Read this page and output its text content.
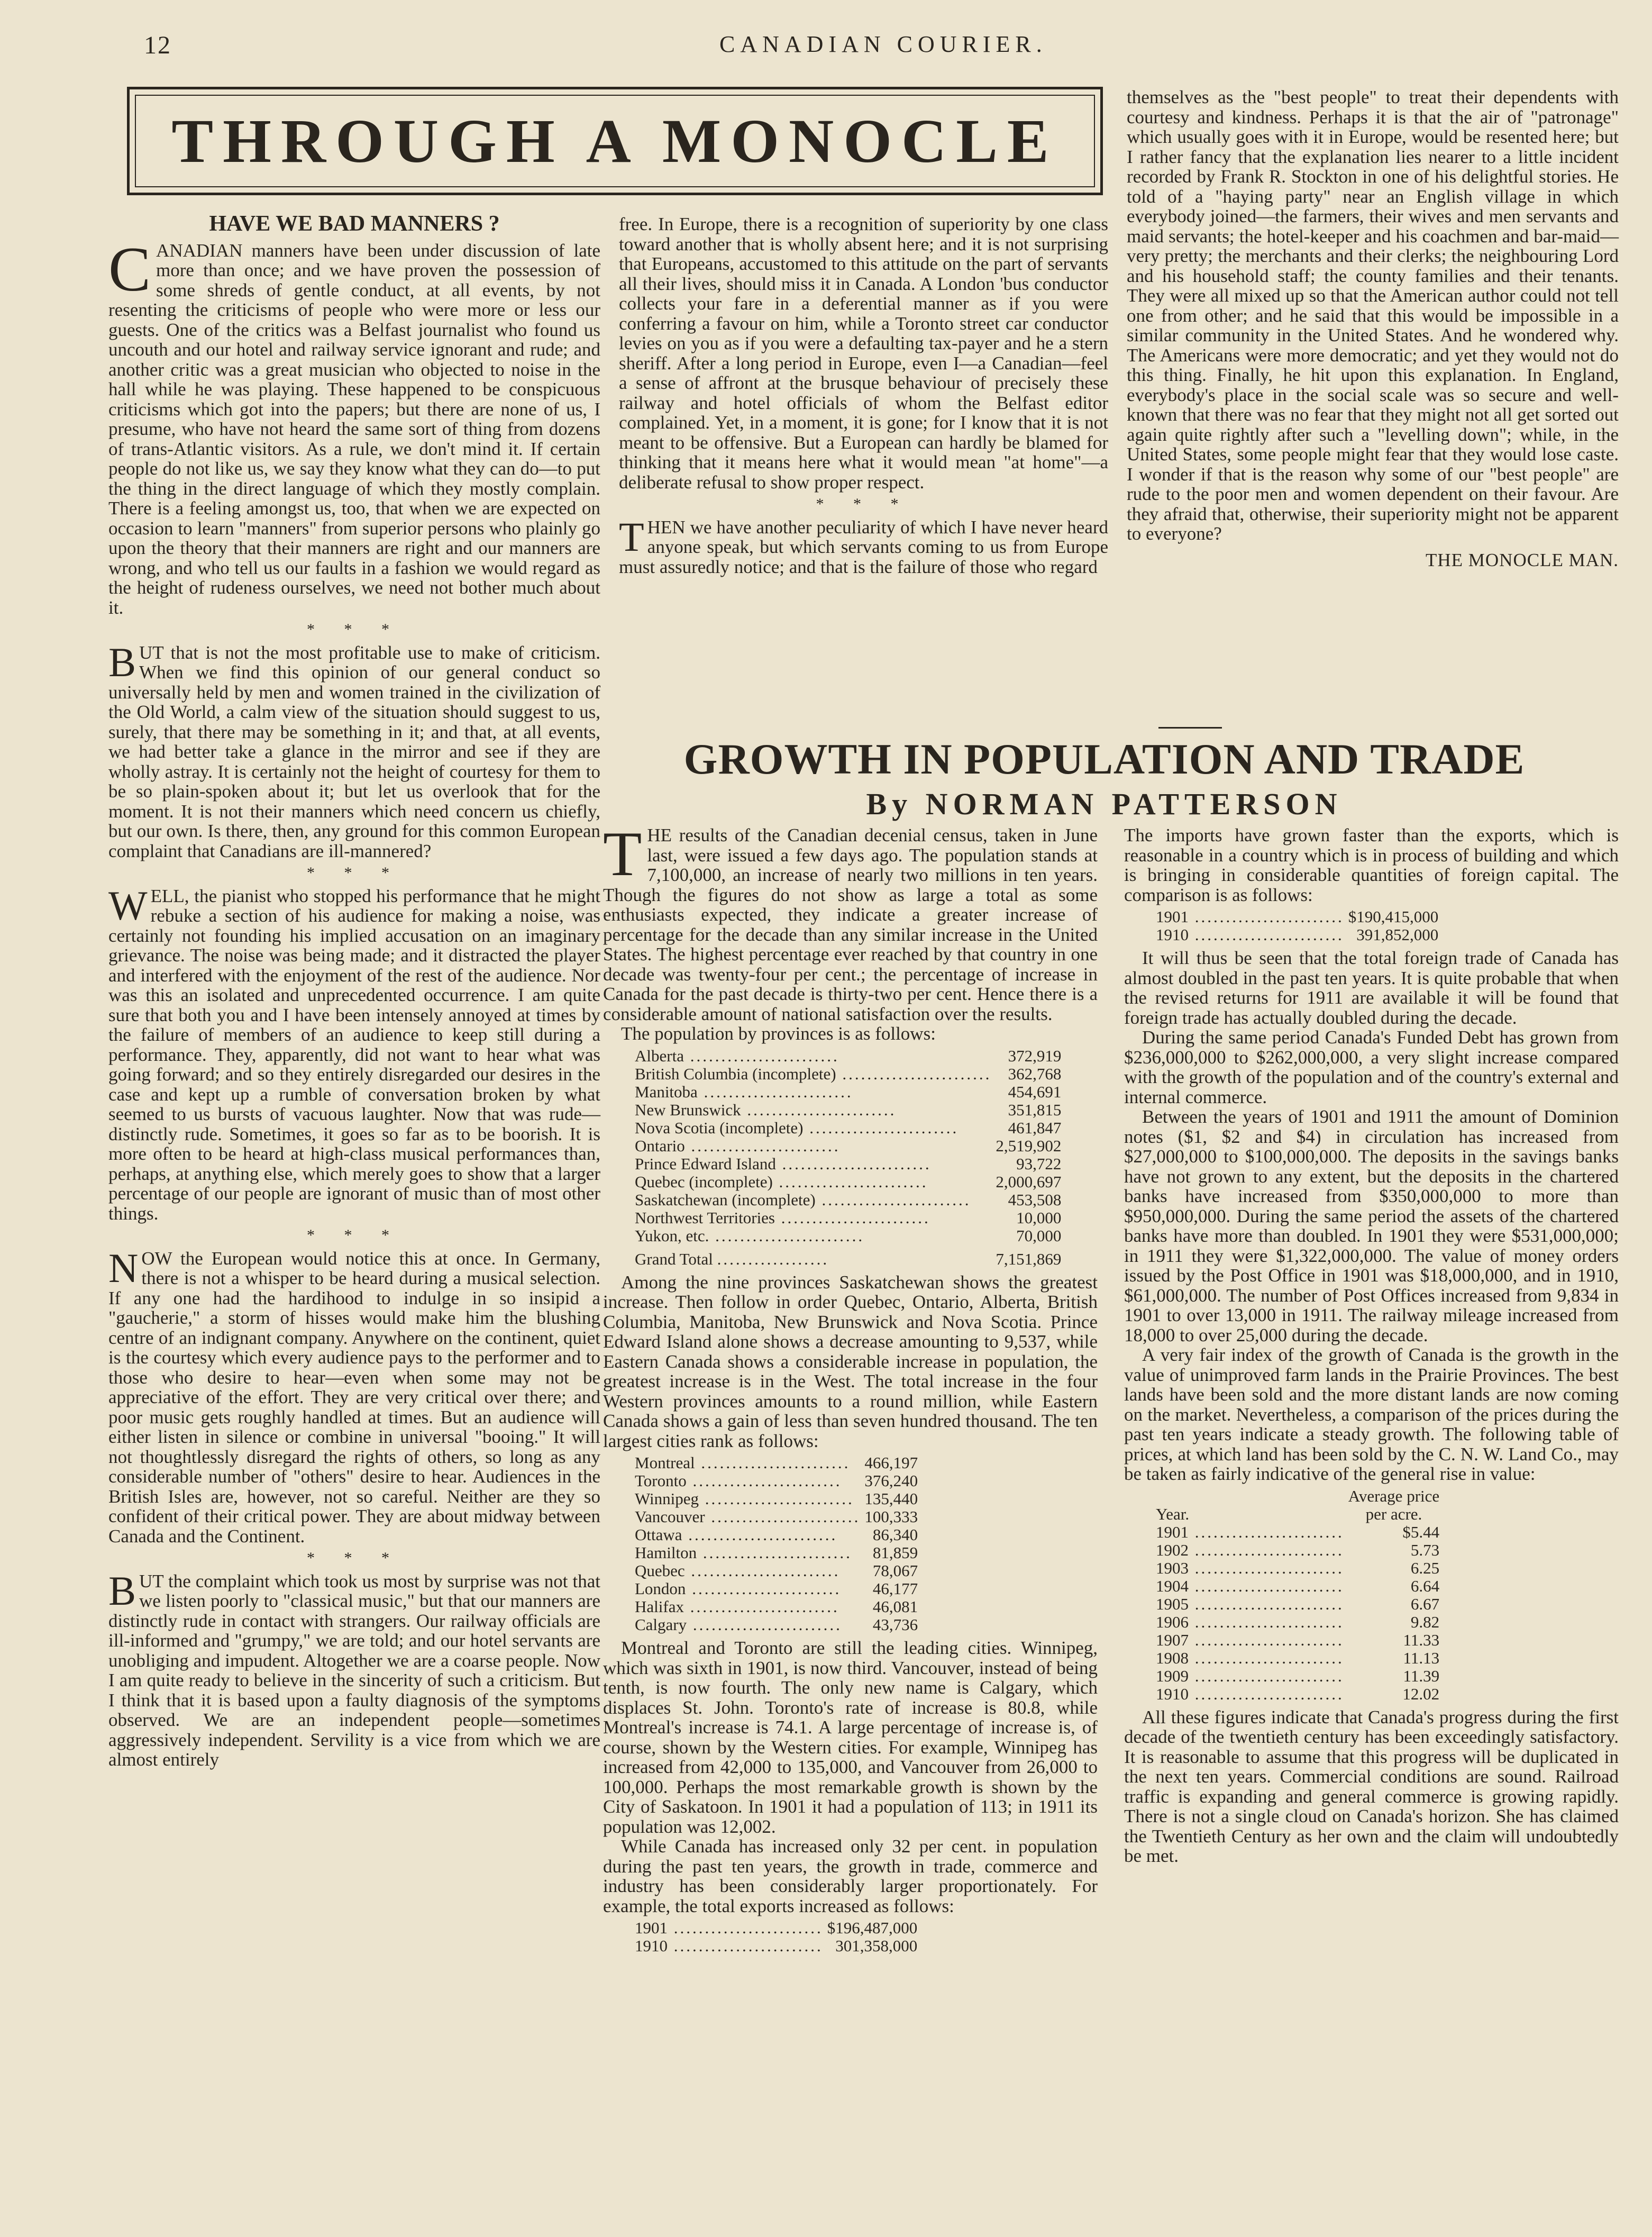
12	CANADIAN COURIER.
THROUGH A MONOCLE
HAVE WE BAD MANNERS ?

CANADIAN manners have been under discussion of late more than once; and we have proven the possession of some shreds of gentle conduct, at all events, by not resenting the criticisms of people who were more or less our guests. One of the critics was a Belfast journalist who found us uncouth and our hotel and railway service ignorant and rude; and another critic was a great musician who objected to noise in the hall while he was playing. These happened to be conspicuous criticisms which got into the papers; but there are none of us, I presume, who have not heard the same sort of thing from dozens of trans-Atlantic visitors. As a rule, we don't mind it. If certain people do not like us, we say they know what they can do—to put the thing in the direct language of which they mostly complain. There is a feeling amongst us, too, that when we are expected on occasion to learn "manners" from superior persons who plainly go upon the theory that their manners are right and our manners are wrong, and who tell us our faults in a fashion we would regard as the height of rudeness ourselves, we need not bother much about it.

* * *

BUT that is not the most profitable use to make of criticism. When we find this opinion of our general conduct so universally held by men and women trained in the civilization of the Old World, a calm view of the situation should suggest to us, surely, that there may be something in it; and that, at all events, we had better take a glance in the mirror and see if they are wholly astray. It is certainly not the height of courtesy for them to be so plain-spoken about it; but let us overlook that for the moment. It is not their manners which need concern us chiefly, but our own. Is there, then, any ground for this common European complaint that Canadians are ill-mannered?

* * *

WELL, the pianist who stopped his performance that he might rebuke a section of his audience for making a noise, was certainly not founding his implied accusation on an imaginary grievance. The noise was being made; and it distracted the player and interfered with the enjoyment of the rest of the audience. Nor was this an isolated and unprecedented occurrence. I am quite sure that both you and I have been intensely annoyed at times by the failure of members of an audience to keep still during a performance. They, apparently, did not want to hear what was going forward; and so they entirely disregarded our desires in the case and kept up a rumble of conversation broken by what seemed to us bursts of vacuous laughter. Now that was rude—distinctly rude. Sometimes, it goes so far as to be boorish. It is more often to be heard at high-class musical performances than, perhaps, at anything else, which merely goes to show that a larger percentage of our people are ignorant of music than of most other things.

* * *

NOW the European would notice this at once. In Germany, there is not a whisper to be heard during a musical selection. If any one had the hardihood to indulge in so insipid a "gaucherie," a storm of hisses would make him the blushing centre of an indignant company. Anywhere on the continent, quiet is the courtesy which every audience pays to the performer and to those who desire to hear—even when some may not be appreciative of the effort. They are very critical over there; and poor music gets roughly handled at times. But an audience will either listen in silence or combine in universal "booing." It will not thoughtlessly disregard the rights of others, so long as any considerable number of "others" desire to hear. Audiences in the British Isles are, however, not so careful. Neither are they so confident of their critical power. They are about midway between Canada and the Continent.

* * *

BUT the complaint which took us most by surprise was not that we listen poorly to "classical music," but that our manners are distinctly rude in contact with strangers. Our railway officials are ill-informed and "grumpy," we are told; and our hotel servants are unobliging and impudent. Altogether we are a coarse people. Now I am quite ready to believe in the sincerity of such a criticism. But I think that it is based upon a faulty diagnosis of the symptoms observed. We are an independent people—sometimes aggressively independent. Servility is a vice from which we are almost entirely

free. In Europe, there is a recognition of superiority by one class toward another that is wholly absent here; and it is not surprising that Europeans, accustomed to this attitude on the part of servants all their lives, should miss it in Canada. A London 'bus conductor collects your fare in a deferential manner as if you were conferring a favour on him, while a Toronto street car conductor levies on you as if you were a defaulting tax-payer and he a stern sheriff. After a long period in Europe, even I—a Canadian—feel a sense of affront at the brusque behaviour of precisely these railway and hotel officials of whom the Belfast editor complained. Yet, in a moment, it is gone; for I know that it is not meant to be offensive. But a European can hardly be blamed for thinking that it means here what it would mean "at home"—a deliberate refusal to show proper respect.

* * *

THEN we have another peculiarity of which I have never heard anyone speak, but which servants coming to us from Europe must assuredly notice; and that is the failure of those who regard

themselves as the "best people" to treat their dependents with courtesy and kindness. Perhaps it is that the air of "patronage" which usually goes with it in Europe, would be resented here; but I rather fancy that the explanation lies nearer to a little incident recorded by Frank R. Stockton in one of his delightful stories. He told of a "haying party" near an English village in which everybody joined—the farmers, their wives and men servants and maid servants; the hotel-keeper and his coachmen and bar-maid—very pretty; the merchants and their clerks; the neighbouring Lord and his household staff; the county families and their tenants. They were all mixed up so that the American author could not tell one from other; and he said that this would be impossible in a similar community in the United States. And he wondered why. The Americans were more democratic; and yet they would not do this thing. Finally, he hit upon this explanation. In England, everybody's place in the social scale was so secure and well-known that there was no fear that they might not all get sorted out again quite rightly after such a "levelling down"; while, in the United States, some people might fear that they would lose caste. I wonder if that is the reason why some of our "best people" are rude to the poor men and women dependent on their favour. Are they afraid that, otherwise, their superiority might not be apparent to everyone?

THE MONOCLE MAN.
GROWTH IN POPULATION AND TRADE
By NORMAN PATTERSON

THE results of the Canadian decenial census, taken in June last, were issued a few days ago. The population stands at 7,100,000, an increase of nearly two millions in ten years. Though the figures do not show as large a total as some enthusiasts expected, they indicate a greater increase of percentage for the decade than any similar increase in the United States. The highest percentage ever reached by that country in one decade was twenty-four per cent.; the percentage of increase in Canada for the past decade is thirty-two per cent. Hence there is a considerable amount of national satisfaction over the results.

The population by provinces is as follows:

Alberta ........................	372,919
British Columbia (incomplete) ........................	362,768
Manitoba ........................	454,691
New Brunswick ........................	351,815
Nova Scotia (incomplete) ........................	461,847
Ontario ........................	2,519,902
Prince Edward Island ........................	93,722
Quebec (incomplete) ........................	2,000,697
Saskatchewan (incomplete) ........................	453,508
Northwest Territories ........................	10,000
Yukon, etc. ........................	70,000
Grand Total ..................	7,151,869

Among the nine provinces Saskatchewan shows the greatest increase. Then follow in order Quebec, Ontario, Alberta, British Columbia, Manitoba, New Brunswick and Nova Scotia. Prince Edward Island alone shows a decrease amounting to 9,537, while Eastern Canada shows a considerable increase in population, the greatest increase is in the West. The total increase in the four Western provinces amounts to a round million, while Eastern Canada shows a gain of less than seven hundred thousand. The ten largest cities rank as follows:

Montreal ........................	466,197
Toronto ........................	376,240
Winnipeg ........................	135,440
Vancouver ........................	100,333
Ottawa ........................	86,340
Hamilton ........................	81,859
Quebec ........................	78,067
London ........................	46,177
Halifax ........................	46,081
Calgary ........................	43,736

Montreal and Toronto are still the leading cities. Winnipeg, which was sixth in 1901, is now third. Vancouver, instead of being tenth, is now fourth. The only new name is Calgary, which displaces St. John. Toronto's rate of increase is 80.8, while Montreal's increase is 74.1. A large percentage of increase is, of course, shown by the Western cities. For example, Winnipeg has increased from 42,000 to 135,000, and Vancouver from 26,000 to 100,000. Perhaps the most remarkable growth is shown by the City of Saskatoon. In 1901 it had a population of 113; in 1911 its population was 12,002.

While Canada has increased only 32 per cent. in population during the past ten years, the growth in trade, commerce and industry has been considerably larger proportionately. For example, the total exports increased as follows:

1901 ........................	$196,487,000
1910 ........................	301,358,000

The imports have grown faster than the exports, which is reasonable in a country which is in process of building and which is bringing in considerable quantities of foreign capital. The comparison is as follows:

1901 ........................	$190,415,000
1910 ........................	391,852,000

It will thus be seen that the total foreign trade of Canada has almost doubled in the past ten years. It is quite probable that when the revised returns for 1911 are available it will be found that foreign trade has actually doubled during the decade.

During the same period Canada's Funded Debt has grown from $236,000,000 to $262,000,000, a very slight increase compared with the growth of the population and of the country's external and internal commerce.

Between the years of 1901 and 1911 the amount of Dominion notes ($1, $2 and $4) in circulation has increased from $27,000,000 to $100,000,000. The deposits in the savings banks have not grown to any extent, but the deposits in the chartered banks have increased from $350,000,000 to more than $950,000,000. During the same period the assets of the chartered banks have more than doubled. In 1901 they were $531,000,000; in 1911 they were $1,322,000,000. The value of money orders issued by the Post Office in 1901 was $18,000,000, and in 1910, $61,000,000. The number of Post Offices increased from 9,834 in 1901 to over 13,000 in 1911. The railway mileage increased from 18,000 to over 25,000 during the decade.

A very fair index of the growth of Canada is the growth in the value of unimproved farm lands in the Prairie Provinces. The best lands have been sold and the more distant lands are now coming on the market. Nevertheless, a comparison of the prices during the past ten years indicate a steady growth. The following table of prices, at which land has been sold by the C. N. W. Land Co., may be taken as fairly indicative of the general rise in value:

Year.	Average price
per acre.

1901 ........................	$5.44
1902 ........................	5.73
1903 ........................	6.25
1904 ........................	6.64
1905 ........................	6.67
1906 ........................	9.82
1907 ........................	11.33
1908 ........................	11.13
1909 ........................	11.39
1910 ........................	12.02

All these figures indicate that Canada's progress during the first decade of the twentieth century has been exceedingly satisfactory. It is reasonable to assume that this progress will be duplicated in the next ten years. Commercial conditions are sound. Railroad traffic is expanding and general commerce is growing rapidly. There is not a single cloud on Canada's horizon. She has claimed the Twentieth Century as her own and the claim will undoubtedly be met.
